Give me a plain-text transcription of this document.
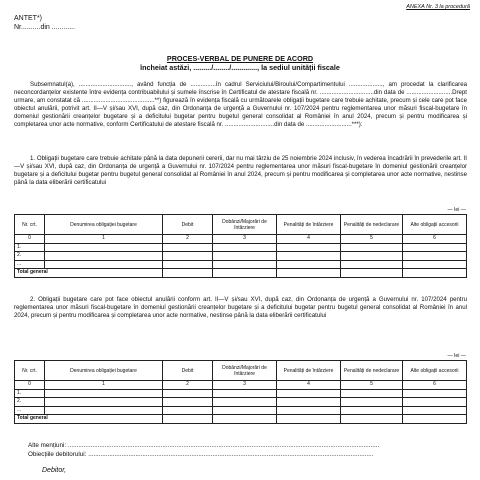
ANEXA Nr. 3 la procedură
ANTET*)
Nr..........din ............
PROCES-VERBAL DE PUNERE DE ACORD
încheiat astăzi, ........./......../............., la sediul unității fiscale
Subsemnatul(a), ..............................., având funcția de ...............în cadrul Serviciului/Biroului/Compartimentului ...................., am procedat la clarificarea neconcordanțelor existente între evidența contribuabilului și sumele înscrise în Certificatul de atestare fiscală nr. ................................din data de ...........................Drept urmare, am constatat că ...........................................**) figurează în evidența fiscală cu următoarele obligații bugetare care trebuie achitate, precum și cele care pot face obiectul anulării, potrivit art. II—V și/sau XVI, după caz, din Ordonanța de urgență a Guvernului nr. 107/2024 pentru reglementarea unor măsuri fiscal-bugetare în domeniul gestionării creanțelor bugetare și a deficitului bugetar pentru bugetul general consolidat al României în anul 2024, precum și pentru modificarea și completarea unor acte normative, conform Certificatului de atestare fiscală nr. .............................din data de ...........................***):
1. Obligații bugetare care trebuie achitate până la data depunerii cererii, dar nu mai târziu de 25 noiembrie 2024 inclusiv, în vederea încadrării în prevederile art. II—V și/sau XVI, după caz, din Ordonanța de urgență a Guvernului nr. 107/2024 pentru reglementarea unor măsuri fiscal-bugetare în domeniul gestionării creanțelor bugetare și a deficitului bugetar pentru bugetul general consolidat al României în anul 2024, precum și pentru modificarea și completarea unor acte normative, nestinse până la data eliberării certificatului
— lei —
Nr. crt.	Denumirea obligației bugetare	Debit	Dobânzi/Majorări de întârziere	Penalități de întârziere	Penalități de nedeclarare	Alte obligații accesorii
0	1	2	3	4	5	6
1.						
2.						
...						
Total general						
2. Obligații bugetare care pot face obiectul anulării conform art. II—V și/sau XVI, după caz, din Ordonanța de urgență a Guvernului nr. 107/2024 pentru reglementarea unor măsuri fiscal-bugetare în domeniul gestionării creanțelor bugetare și a deficitului bugetar pentru bugetul general consolidat al României în anul 2024, precum și pentru modificarea și completarea unor acte normative, nestinse până la data eliberării certificatului
— lei —
Nr. crt.	Denumirea obligației bugetare	Debit	Dobânzi/Majorări de întârziere	Penalități de întârziere	Penalități de nedeclarare	Alte obligații accesorii
0	1	2	3	4	5	6
1.						
2.						
...						
Total general						
Alte mențiuni: ..................................................................................................................................................................................
Obiecțiile debitorului: ...................................................................................................................................................................
Debitor,
